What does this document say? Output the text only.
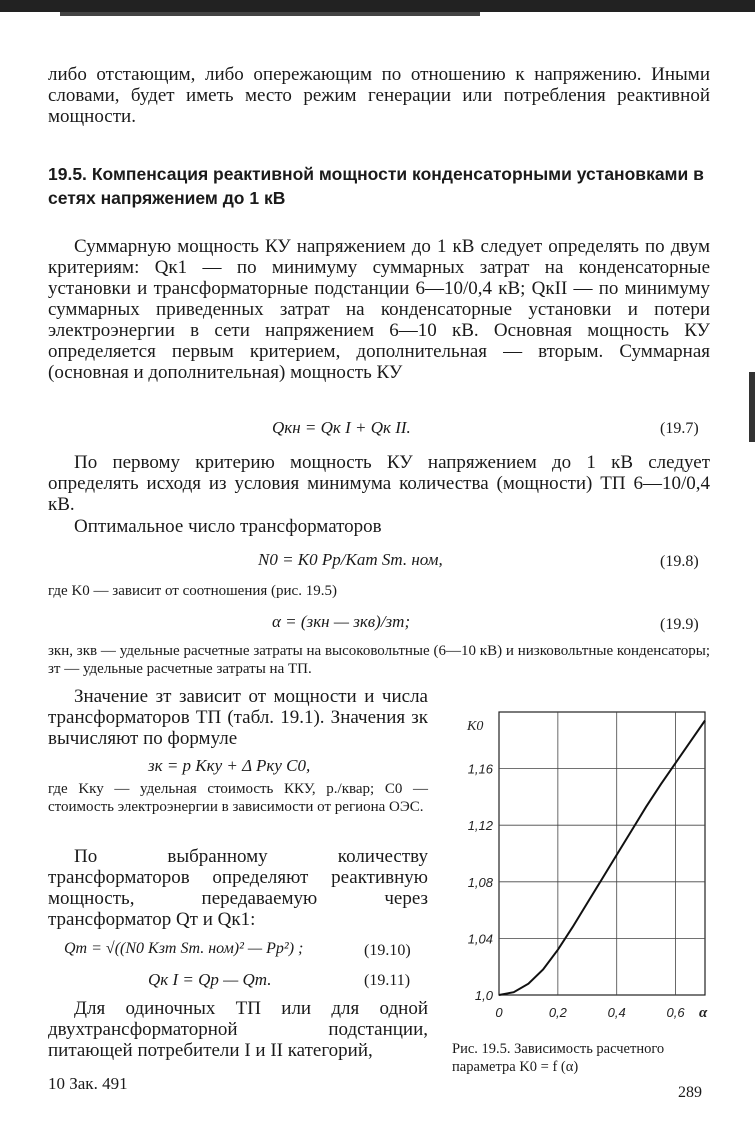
либо отстающим, либо опережающим по отношению к напряжению. Иными словами, будет иметь место режим генерации или потребления реактивной мощности.

19.5. Компенсация реактивной мощности конденсаторными установками в сетях напряжением до 1 кВ

Суммарную мощность КУ напряжением до 1 кВ следует определять по двум критериям: Qк1 — по минимуму суммарных затрат на конденсаторные установки и трансформаторные подстанции 6—10/0,4 кВ; QкII — по минимуму суммарных приведенных затрат на конденсаторные установки и потери электроэнергии в сети напряжением 6—10 кВ. Основная мощность КУ определяется первым критерием, дополнительная — вторым. Суммарная (основная и дополнительная) мощность КУ

Qкн = Qк I + Qк II.	(19.7)

По первому критерию мощность КУ напряжением до 1 кВ следует определять исходя из условия минимума количества (мощности) ТП 6—10/0,4 кВ.

Оптимальное число трансформаторов

N0 = K0 Pp/Kат Sт. ном,	(19.8)

где K0 — зависит от соотношения (рис. 19.5)

α = (зкн — зкв)/зт;	(19.9)

зкн, зкв — удельные расчетные затраты на высоковольтные (6—10 кВ) и низковольтные конденсаторы; зт — удельные расчетные затраты на ТП.

Значение зт зависит от мощности и числа трансформаторов ТП (табл. 19.1). Значения зк вычисляют по формуле

зк = p Kку + Δ Pку C0,

где Kку — удельная стоимость ККУ, р./квар; C0 — стоимость электроэнергии в зависимости от региона ОЭС.

По выбранному количеству трансформаторов определяют реактивную мощность, передаваемую через трансформатор Qт и Qк1:

Qт = √((N0 Kзт Sт. ном)² — Pp²) ;	(19.10)
Qк I = Qр — Qт.	(19.11)

Для одиночных ТП или для одной двухтрансформаторной подстанции, питающей потребители I и II категорий,

0	0,2	0,4	0,6
1,0
1,04
1,08
1,12
1,16
K0
α
Рис. 19.5. Зависимость расчетного параметра K0 = f (α)
10 Зак. 491	289
